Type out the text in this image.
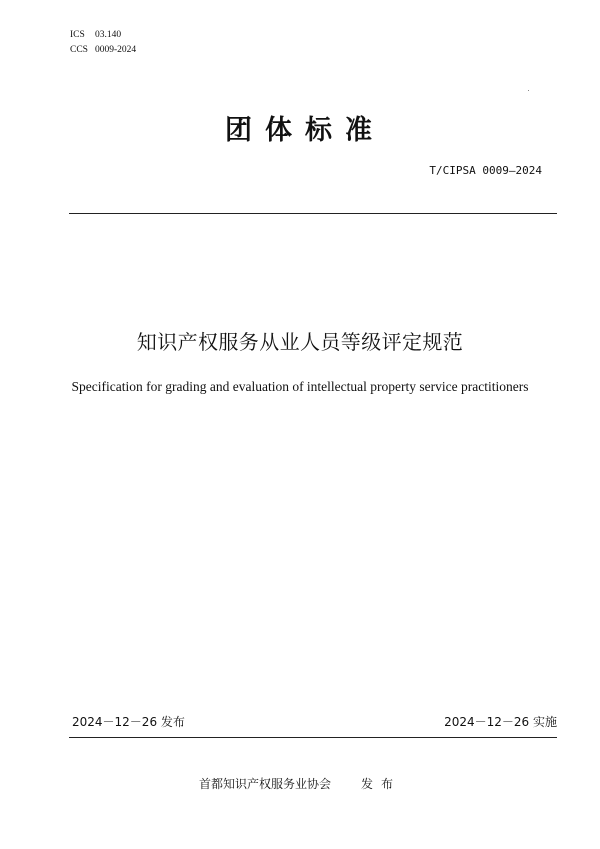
ICS 03.140
CCS 0009-2024
团体标准
T/CIPSA 0009—2024
知识产权服务从业人员等级评定规范
Specification for grading and evaluation of intellectual property service practitioners
2024－12－26 发布	2024－12－26 实施
首都知识产权服务业协会	发布
